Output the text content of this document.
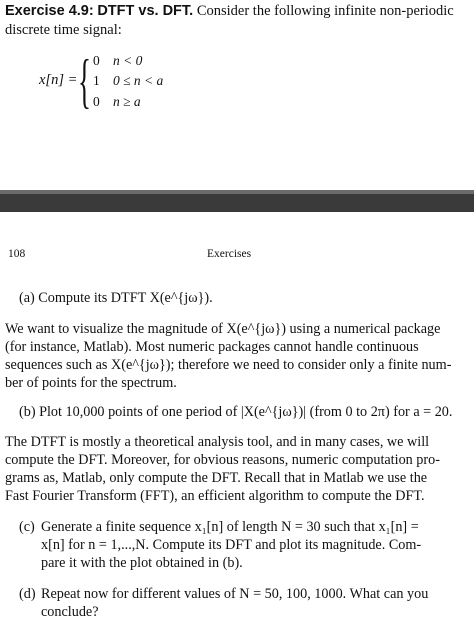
Exercise 4.9: DTFT vs. DFT. Consider the following infinite non-periodic
discrete time signal:
x[n] = { 0 n < 0
1 0 ≤ n < a
0 n ≥ a
108	Exercises
(a) Compute its DTFT X(e^{jω}).
We want to visualize the magnitude of X(e^{jω}) using a numerical package
(for instance, Matlab). Most numeric packages cannot handle continuous
sequences such as X(e^{jω}); therefore we need to consider only a finite num-
ber of points for the spectrum.
(b) Plot 10,000 points of one period of |X(e^{jω})| (from 0 to 2π) for a = 20.
The DTFT is mostly a theoretical analysis tool, and in many cases, we will
compute the DFT. Moreover, for obvious reasons, numeric computation pro-
grams as, Matlab, only compute the DFT. Recall that in Matlab we use the
Fast Fourier Transform (FFT), an efficient algorithm to compute the DFT.
(c) Generate a finite sequence x₁[n] of length N = 30 such that x₁[n] =
x[n] for n = 1,...,N. Compute its DFT and plot its magnitude. Com-
pare it with the plot obtained in (b).
(d) Repeat now for different values of N = 50, 100, 1000. What can you
conclude?
